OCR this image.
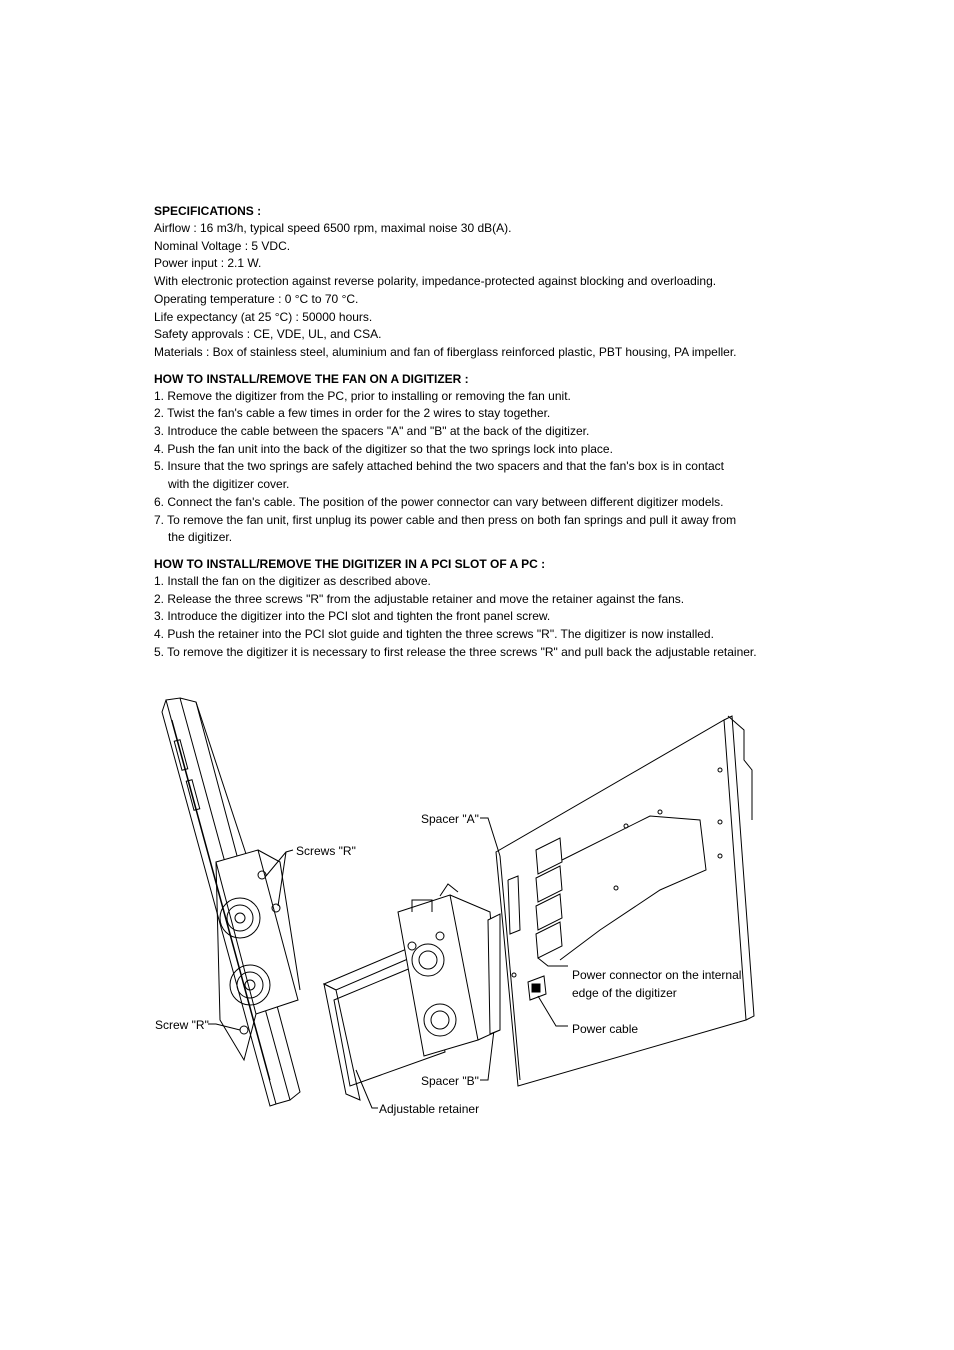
SPECIFICATIONS :

Airflow : 16 m3/h, typical speed 6500 rpm, maximal noise 30 dB(A).

Nominal Voltage : 5 VDC.

Power input : 2.1 W.

With electronic protection against reverse polarity, impedance-protected against blocking and overloading.

Operating temperature : 0 °C to 70 °C.

Life expectancy (at 25 °C) : 50000 hours.

Safety approvals : CE, VDE, UL, and CSA.

Materials : Box of stainless steel, aluminium and fan of fiberglass reinforced plastic, PBT housing, PA impeller.

HOW TO INSTALL/REMOVE THE FAN ON A DIGITIZER :

1. Remove the digitizer from the PC, prior to installing or removing the fan unit.

2. Twist the fan's cable a few times in order for the 2 wires to stay together.

3. Introduce the cable between the spacers "A" and "B" at the back of the digitizer.

4. Push the fan unit into the back of the digitizer so that the two springs lock into place.

5. Insure that the two springs are safely attached behind the two spacers and that the fan's box is in contact

with the digitizer cover.

6. Connect the fan's cable. The position of the power connector can vary between different digitizer models.

7. To remove the fan unit, first unplug its power cable and then press on both fan springs and pull it away from

the digitizer.

HOW TO INSTALL/REMOVE THE DIGITIZER IN A PCI SLOT OF A PC :

1. Install the fan on the digitizer as described above.

2. Release the three screws "R" from the adjustable retainer and move the retainer against the fans.

3. Introduce the digitizer into the PCI slot and tighten the front panel screw.

4. Push the retainer into the PCI slot guide and tighten the three screws "R". The digitizer is now installed.

5. To remove the digitizer it is necessary to first release the three screws "R" and pull back the adjustable retainer.

Screws "R"
Screw "R"
Spacer "A"
Spacer "B"
Power connector on the internal
edge of the digitizer
Power cable
Adjustable retainer
